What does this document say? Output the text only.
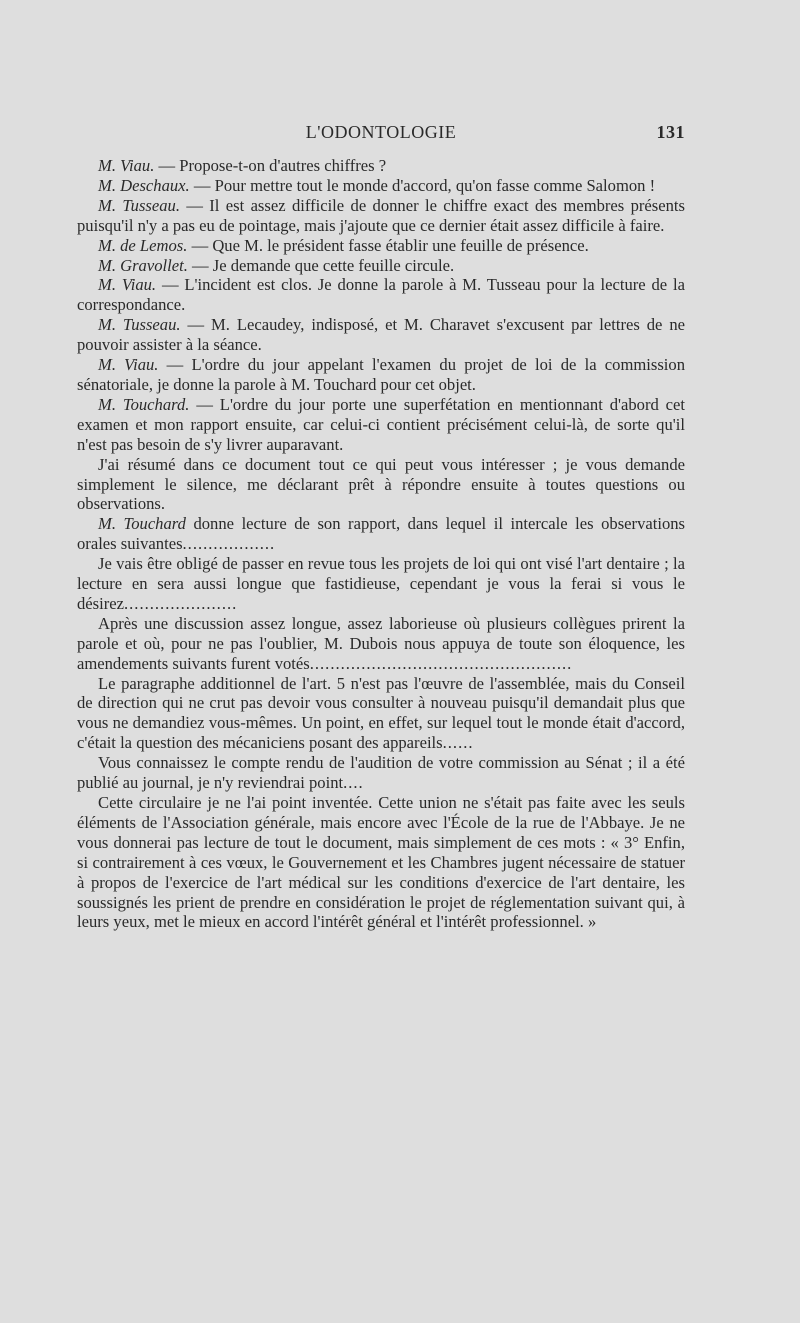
L'ODONTOLOGIE	131

M. Viau. — Propose-t-on d'autres chiffres ?

M. Deschaux. — Pour mettre tout le monde d'accord, qu'on fasse comme Salomon !

M. Tusseau. — Il est assez difficile de donner le chiffre exact des membres présents puisqu'il n'y a pas eu de pointage, mais j'ajoute que ce dernier était assez difficile à faire.

M. de Lemos. — Que M. le président fasse établir une feuille de présence.

M. Gravollet. — Je demande que cette feuille circule.

M. Viau. — L'incident est clos. Je donne la parole à M. Tusseau pour la lecture de la correspondance.

M. Tusseau. — M. Lecaudey, indisposé, et M. Charavet s'excusent par lettres de ne pouvoir assister à la séance.

M. Viau. — L'ordre du jour appelant l'examen du projet de loi de la commission sénatoriale, je donne la parole à M. Touchard pour cet objet.

M. Touchard. — L'ordre du jour porte une superfétation en mentionnant d'abord cet examen et mon rapport ensuite, car celui-ci contient précisément celui-là, de sorte qu'il n'est pas besoin de s'y livrer auparavant.

J'ai résumé dans ce document tout ce qui peut vous intéresser ; je vous demande simplement le silence, me déclarant prêt à répondre ensuite à toutes questions ou observations.

M. Touchard donne lecture de son rapport, dans lequel il intercale les observations orales suivantes..................

Je vais être obligé de passer en revue tous les projets de loi qui ont visé l'art dentaire ; la lecture en sera aussi longue que fastidieuse, cependant je vous la ferai si vous le désirez......................

Après une discussion assez longue, assez laborieuse où plusieurs collègues prirent la parole et où, pour ne pas l'oublier, M. Dubois nous appuya de toute son éloquence, les amendements suivants furent votés...................................................

Le paragraphe additionnel de l'art. 5 n'est pas l'œuvre de l'assemblée, mais du Conseil de direction qui ne crut pas devoir vous consulter à nouveau puisqu'il demandait plus que vous ne demandiez vous-mêmes. Un point, en effet, sur lequel tout le monde était d'accord, c'était la question des mécaniciens posant des appareils......

Vous connaissez le compte rendu de l'audition de votre commission au Sénat ; il a été publié au journal, je n'y reviendrai point....

Cette circulaire je ne l'ai point inventée. Cette union ne s'était pas faite avec les seuls éléments de l'Association générale, mais encore avec l'École de la rue de l'Abbaye. Je ne vous donnerai pas lecture de tout le document, mais simplement de ces mots : « 3° Enfin, si contrairement à ces vœux, le Gouvernement et les Chambres jugent nécessaire de statuer à propos de l'exercice de l'art médical sur les conditions d'exercice de l'art dentaire, les soussignés les prient de prendre en considération le projet de réglementation suivant qui, à leurs yeux, met le mieux en accord l'intérêt général et l'intérêt professionnel. »
